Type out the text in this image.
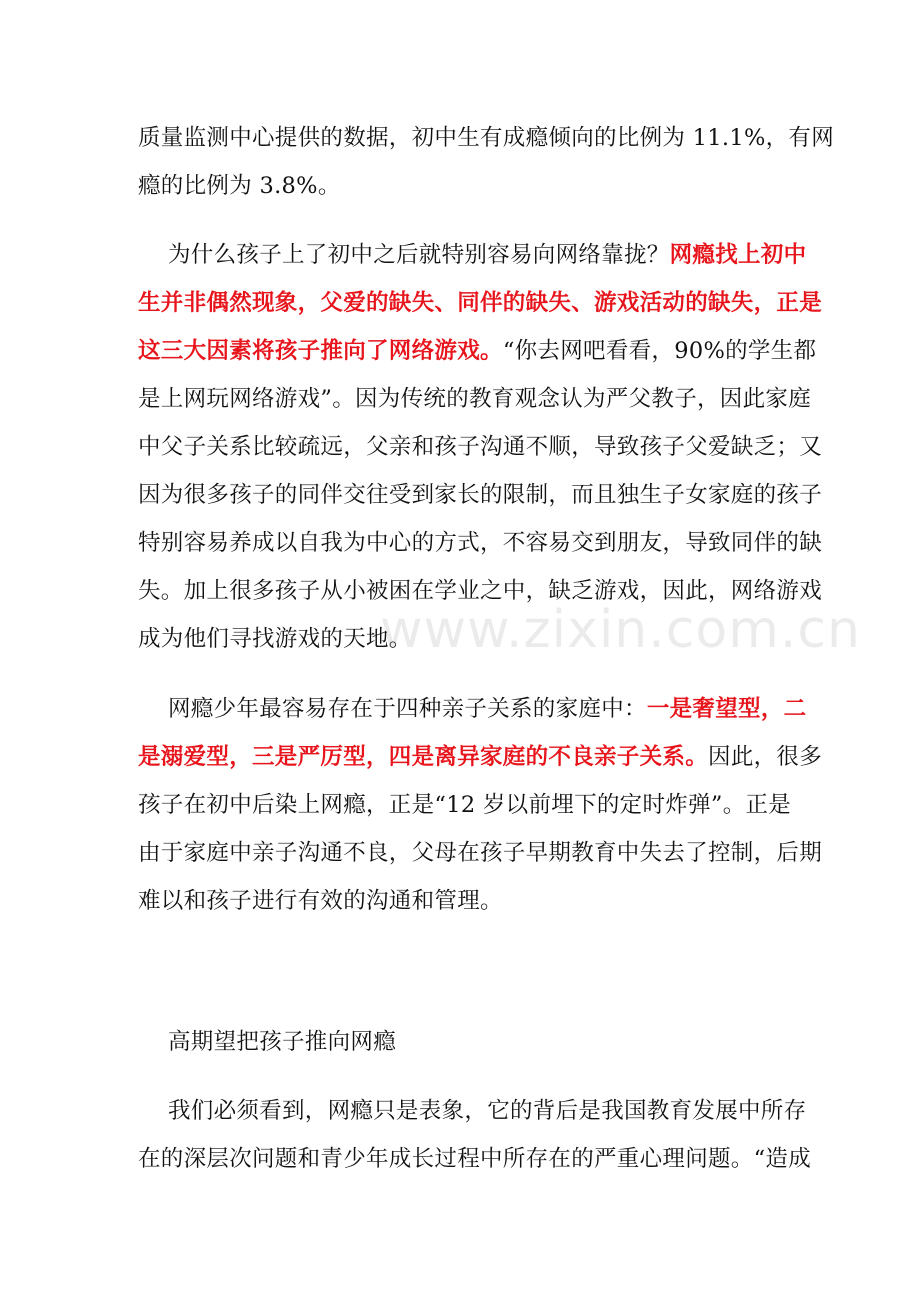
质量监测中心提供的数据，初中生有成瘾倾向的比例为 11.1%，有网
瘾的比例为 3.8%。
为什么孩子上了初中之后就特别容易向网络靠拢？网瘾找上初中
生并非偶然现象，父爱的缺失、同伴的缺失、游戏活动的缺失，正是
这三大因素将孩子推向了网络游戏。“你去网吧看看，90%的学生都
是上网玩网络游戏”。因为传统的教育观念认为严父教子，因此家庭
中父子关系比较疏远，父亲和孩子沟通不顺，导致孩子父爱缺乏；又
因为很多孩子的同伴交往受到家长的限制，而且独生子女家庭的孩子
特别容易养成以自我为中心的方式，不容易交到朋友，导致同伴的缺
失。加上很多孩子从小被困在学业之中，缺乏游戏，因此，网络游戏
成为他们寻找游戏的天地。
网瘾少年最容易存在于四种亲子关系的家庭中：一是奢望型，二
是溺爱型，三是严厉型，四是离异家庭的不良亲子关系。因此，很多
孩子在初中后染上网瘾，正是“12 岁以前埋下的定时炸弹”。正是
由于家庭中亲子沟通不良，父母在孩子早期教育中失去了控制，后期
难以和孩子进行有效的沟通和管理。
高期望把孩子推向网瘾
我们必须看到，网瘾只是表象，它的背后是我国教育发展中所存
在的深层次问题和青少年成长过程中所存在的严重心理问题。“造成
www.zixin.com.cn
